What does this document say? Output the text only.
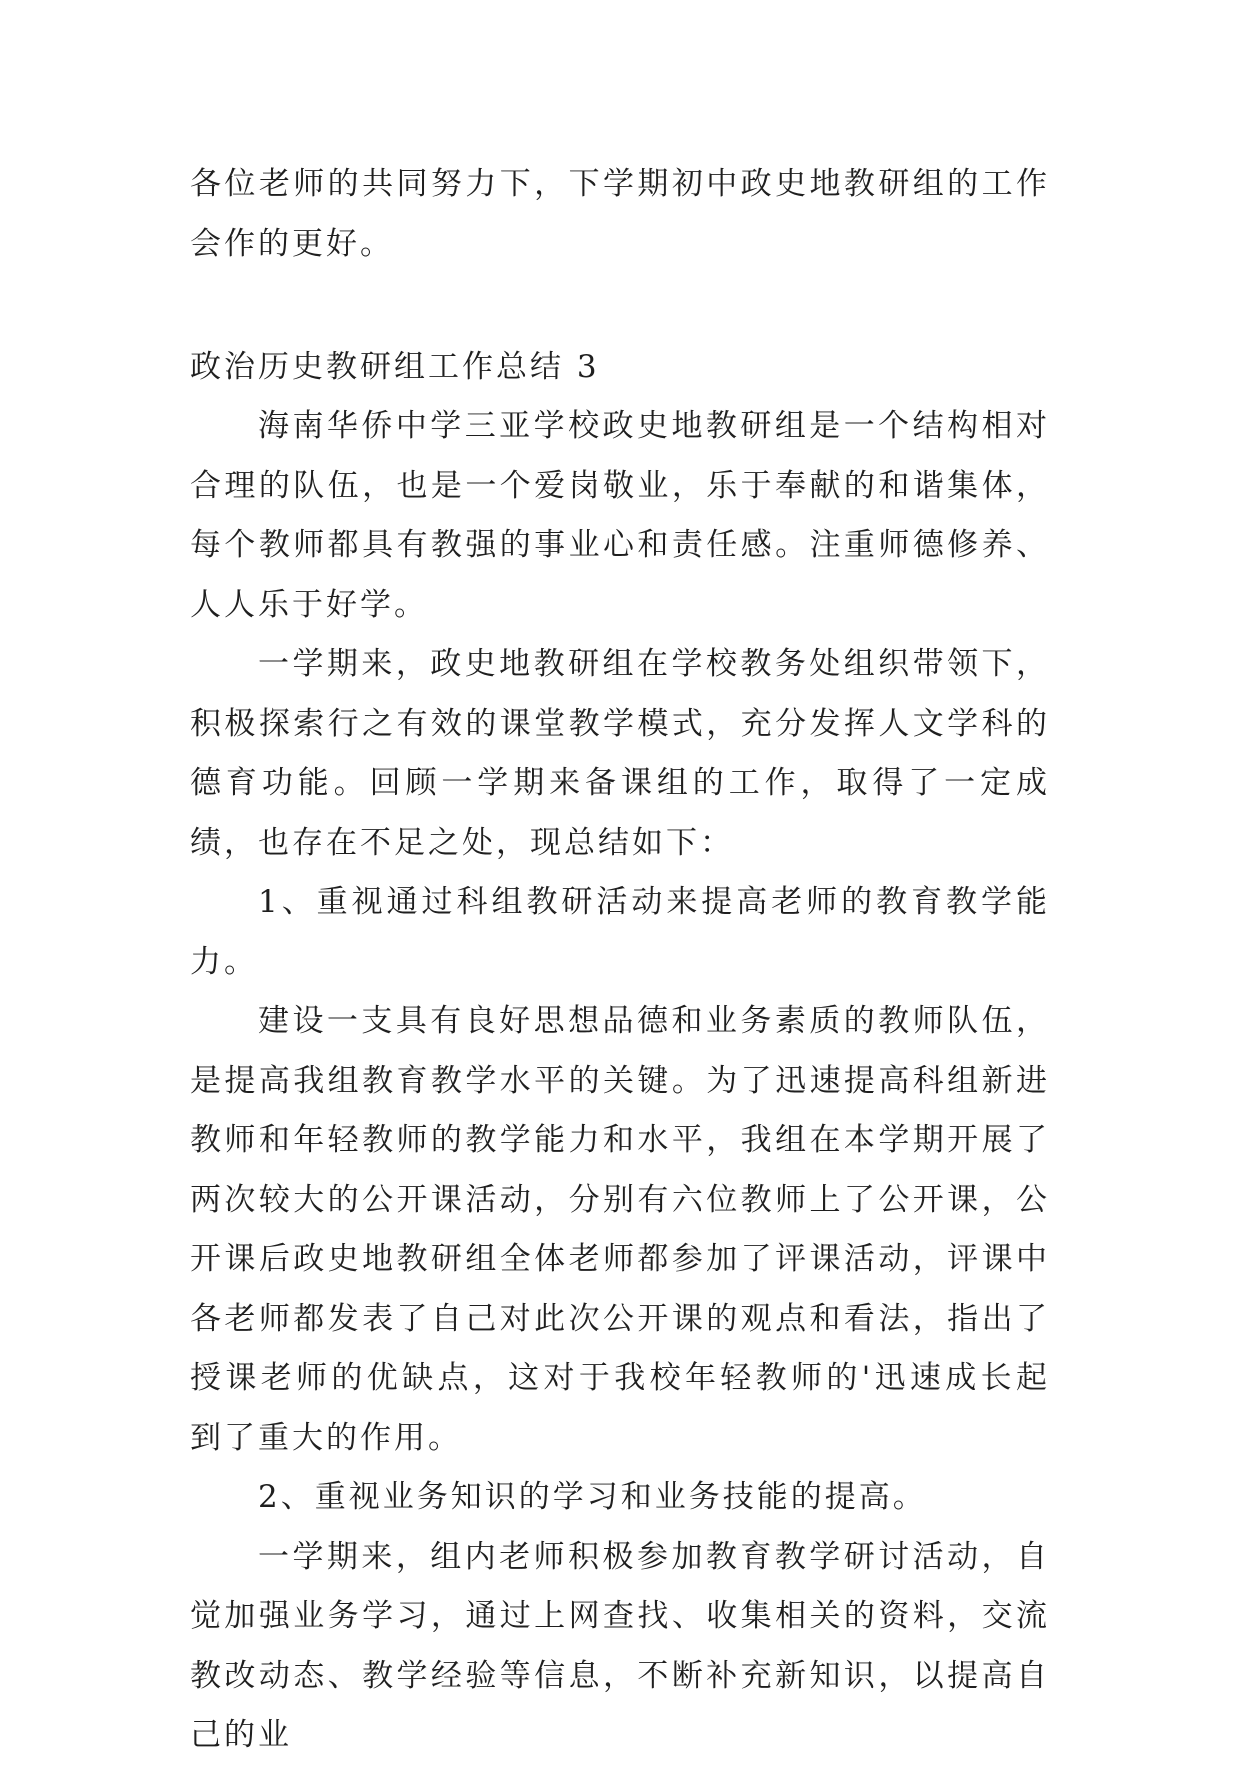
各位老师的共同努力下，下学期初中政史地教研组的工作会作的更好。

政治历史教研组工作总结 3

海南华侨中学三亚学校政史地教研组是一个结构相对合理的队伍，也是一个爱岗敬业，乐于奉献的和谐集体，每个教师都具有教强的事业心和责任感。注重师德修养、人人乐于好学。

一学期来，政史地教研组在学校教务处组织带领下，积极探索行之有效的课堂教学模式，充分发挥人文学科的德育功能。回顾一学期来备课组的工作，取得了一定成绩，也存在不足之处，现总结如下：

1、重视通过科组教研活动来提高老师的教育教学能力。

建设一支具有良好思想品德和业务素质的教师队伍，是提高我组教育教学水平的关键。为了迅速提高科组新进教师和年轻教师的教学能力和水平，我组在本学期开展了两次较大的公开课活动，分别有六位教师上了公开课，公开课后政史地教研组全体老师都参加了评课活动，评课中各老师都发表了自己对此次公开课的观点和看法，指出了授课老师的优缺点，这对于我校年轻教师的'迅速成长起到了重大的作用。

2、重视业务知识的学习和业务技能的提高。

一学期来，组内老师积极参加教育教学研讨活动，自觉加强业务学习，通过上网查找、收集相关的资料，交流教改动态、教学经验等信息，不断补充新知识，以提高自己的业
